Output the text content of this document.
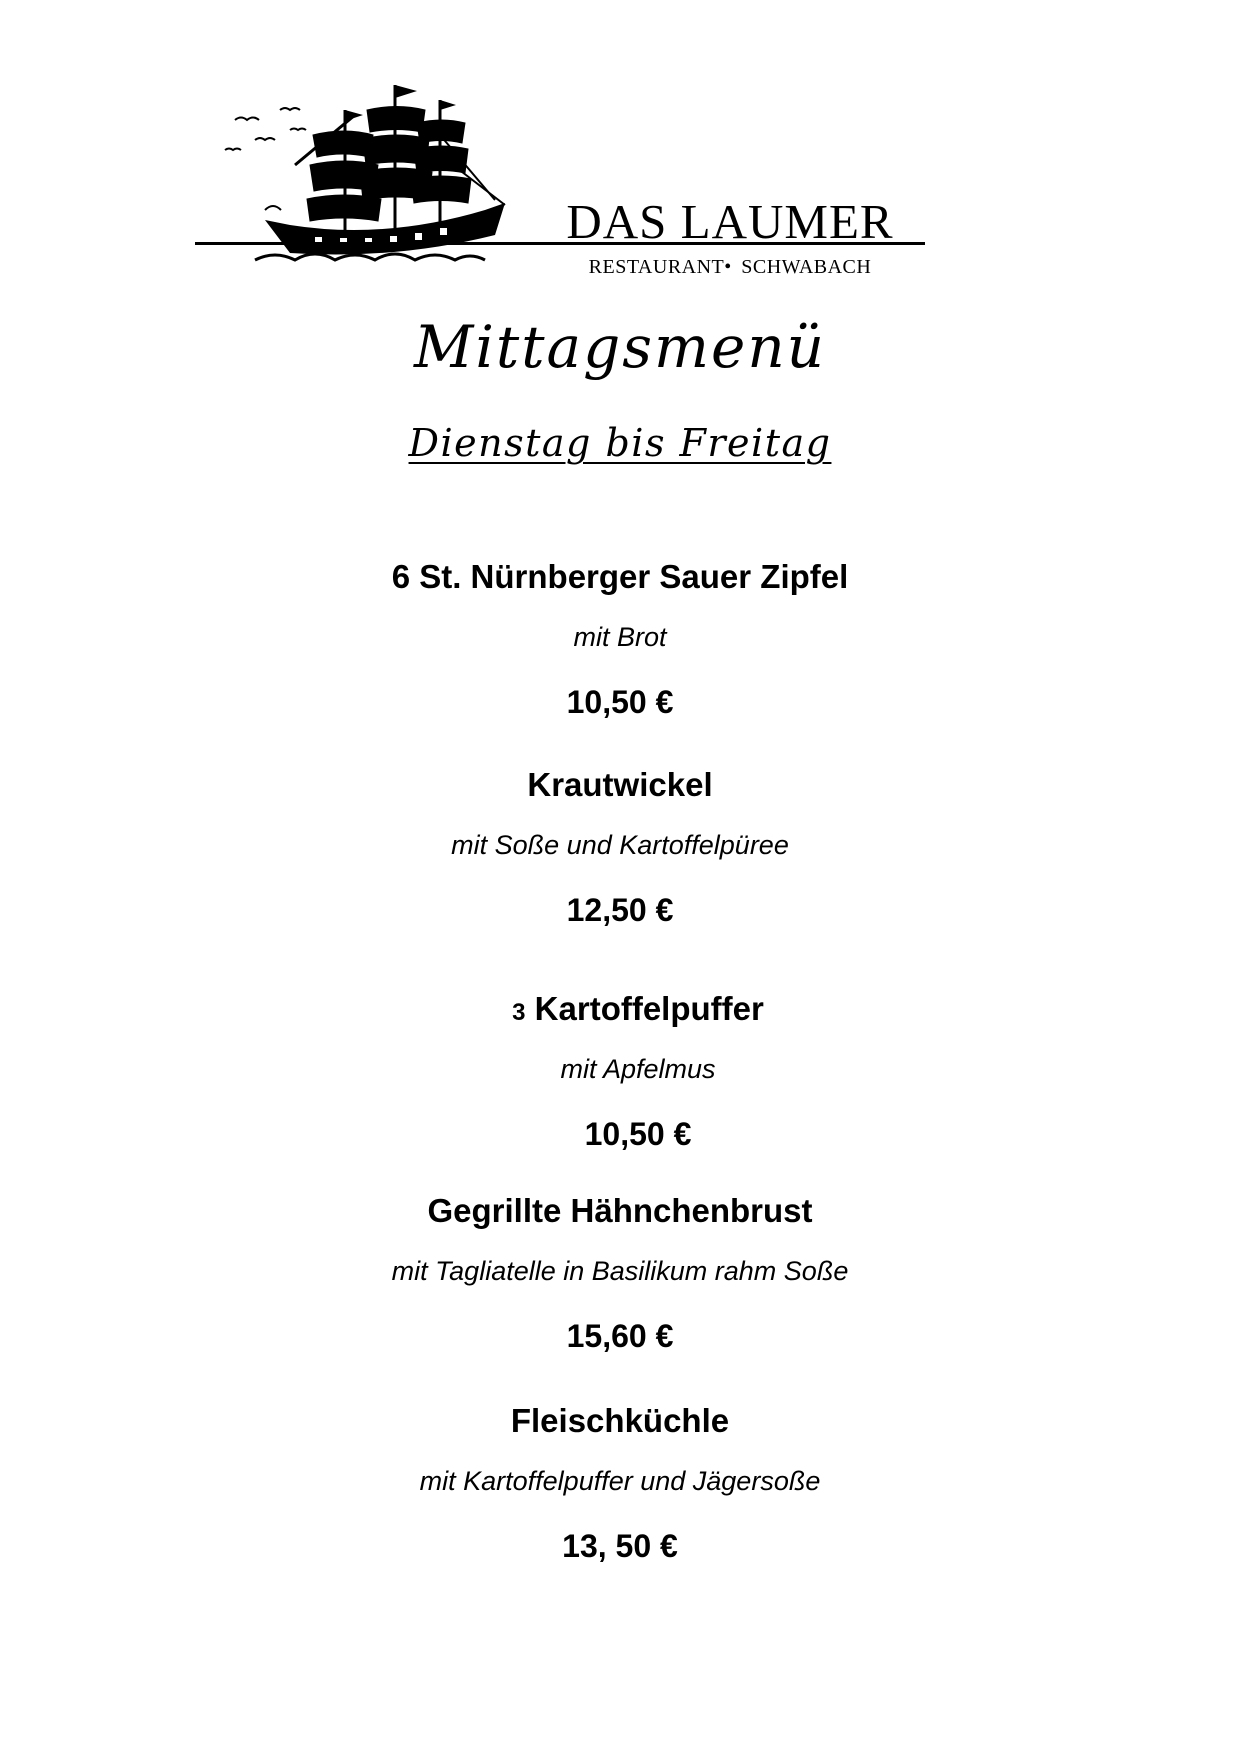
DAS LAUMER
RESTAURANT• SCHWABACH
Mittagsmenü
Dienstag bis Freitag
6 St. Nürnberger Sauer Zipfel
mit Brot
10,50 €
Krautwickel
mit Soße und Kartoffelpüree
12,50 €
3 Kartoffelpuffer
mit Apfelmus
10,50 €
Gegrillte Hähnchenbrust
mit Tagliatelle in Basilikum rahm Soße
15,60 €
Fleischküchle
mit Kartoffelpuffer und Jägersoße
13, 50 €
